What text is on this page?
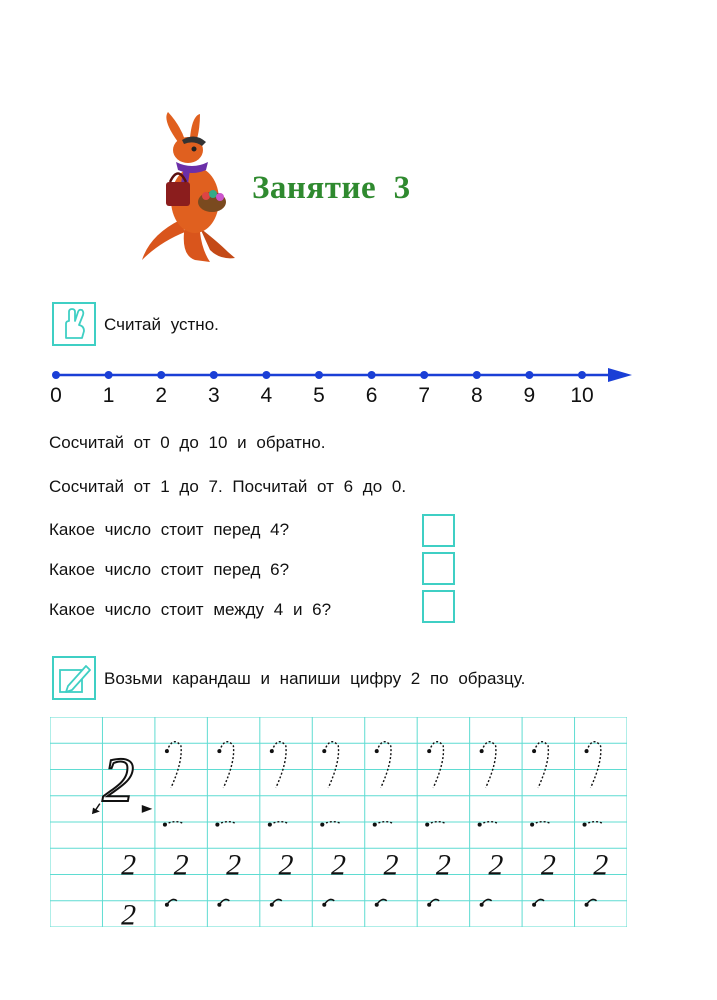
Занятие  3
Считай устно.
0 1 2 3 4 5 6 7 8 9 10
Сосчитай от 0 до 10 и обратно.
Сосчитай от 1 до 7. Посчитай от 6 до 0.
Какое число стоит перед 4?
Какое число стоит перед 6?
Какое число стоит между 4 и 6?
Возьми карандаш и напиши цифру 2 по образцу.
2
2 2 2 2 2 2 2 2 2 2
2
